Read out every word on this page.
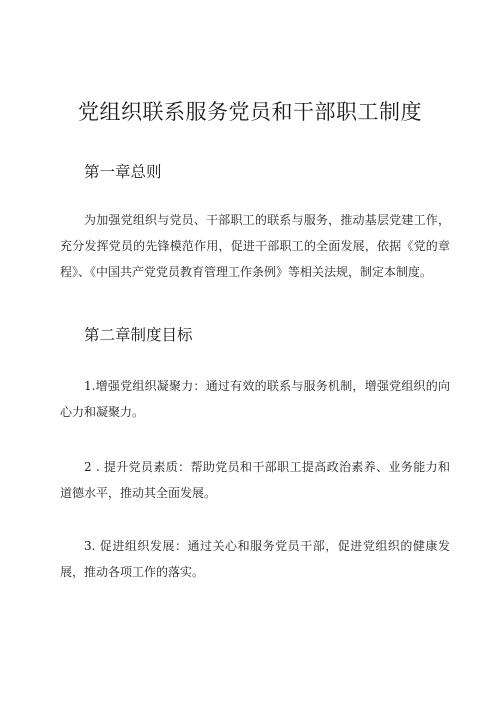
党组织联系服务党员和干部职工制度
第一章总则
为加强党组织与党员、干部职工的联系与服务，推动基层党建工作，充分发挥党员的先锋模范作用，促进干部职工的全面发展，依据《党的章程》、《中国共产党党员教育管理工作条例》等相关法规，制定本制度。
第二章制度目标
1.增强党组织凝聚力：通过有效的联系与服务机制，增强党组织的向心力和凝聚力。
2 . 提升党员素质：帮助党员和干部职工提高政治素养、业务能力和道德水平，推动其全面发展。
3. 促进组织发展：通过关心和服务党员干部，促进党组织的健康发展，推动各项工作的落实。
